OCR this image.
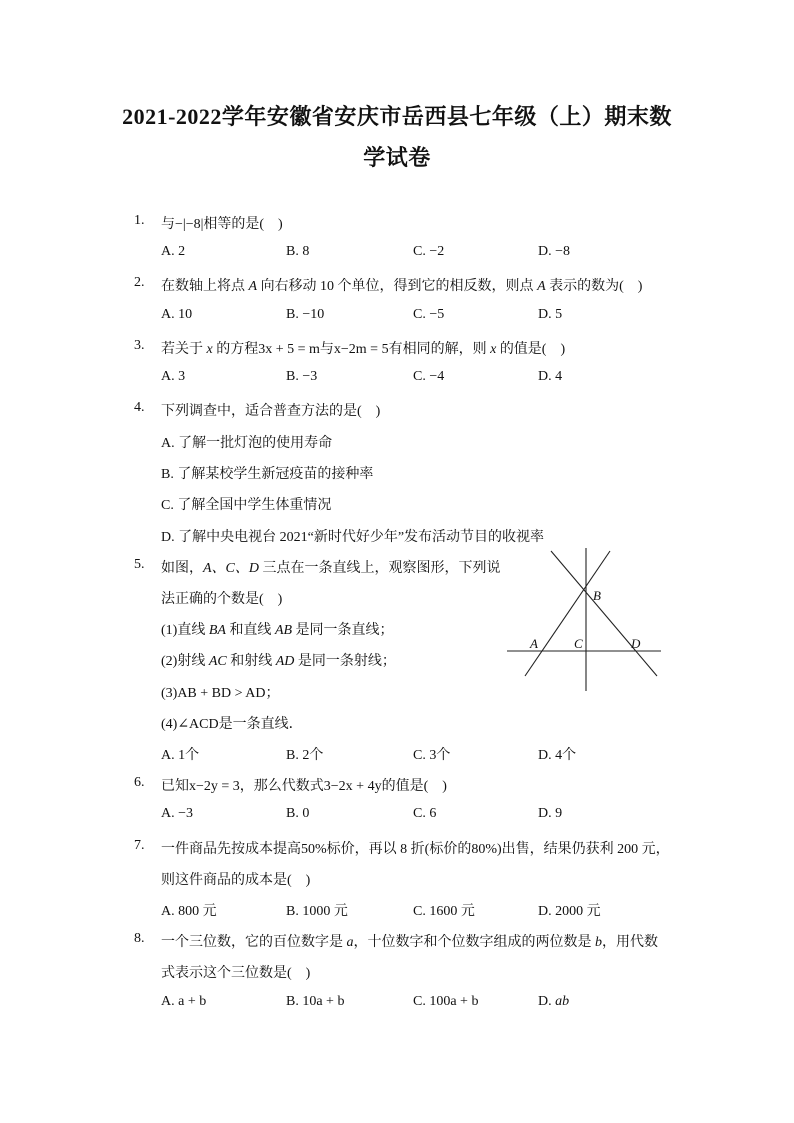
2021-2022学年安徽省安庆市岳西县七年级（上）期末数
学试卷
1. 与−|−8|相等的是(　)
A. 2	B. 8	C. −2	D. −8
2. 在数轴上将点 A 向右移动 10 个单位，得到它的相反数，则点 A 表示的数为(　)
A. 10	B. −10	C. −5	D. 5
3. 若关于 x 的方程3x + 5 = m与x−2m = 5有相同的解，则 x 的值是(　)
A. 3	B. −3	C. −4	D. 4
4. 下列调查中，适合普查方法的是(　)
A. 了解一批灯泡的使用寿命
B. 了解某校学生新冠疫苗的接种率
C. 了解全国中学生体重情况
D. 了解中央电视台 2021“新时代好少年”发布活动节目的收视率
5. 如图，A、C、D 三点在一条直线上，观察图形，下列说
法正确的个数是(　)
(1)直线 BA 和直线 AB 是同一条直线；
(2)射线 AC 和射线 AD 是同一条射线；
(3)AB + BD > AD；
(4)∠ACD是一条直线．
A. 1个	B. 2个	C. 3个	D. 4个
B
A	C	D
6. 已知x−2y = 3，那么代数式3−2x + 4y的值是(　)
A. −3	B. 0	C. 6	D. 9
7. 一件商品先按成本提高50%标价，再以 8 折(标价的80%)出售，结果仍获利 200 元，
则这件商品的成本是(　)
A. 800 元	B. 1000 元	C. 1600 元	D. 2000 元
8. 一个三位数，它的百位数字是 a，十位数字和个位数字组成的两位数是 b，用代数
式表示这个三位数是(　)
A. a + b	B. 10a + b	C. 100a + b	D. ab
